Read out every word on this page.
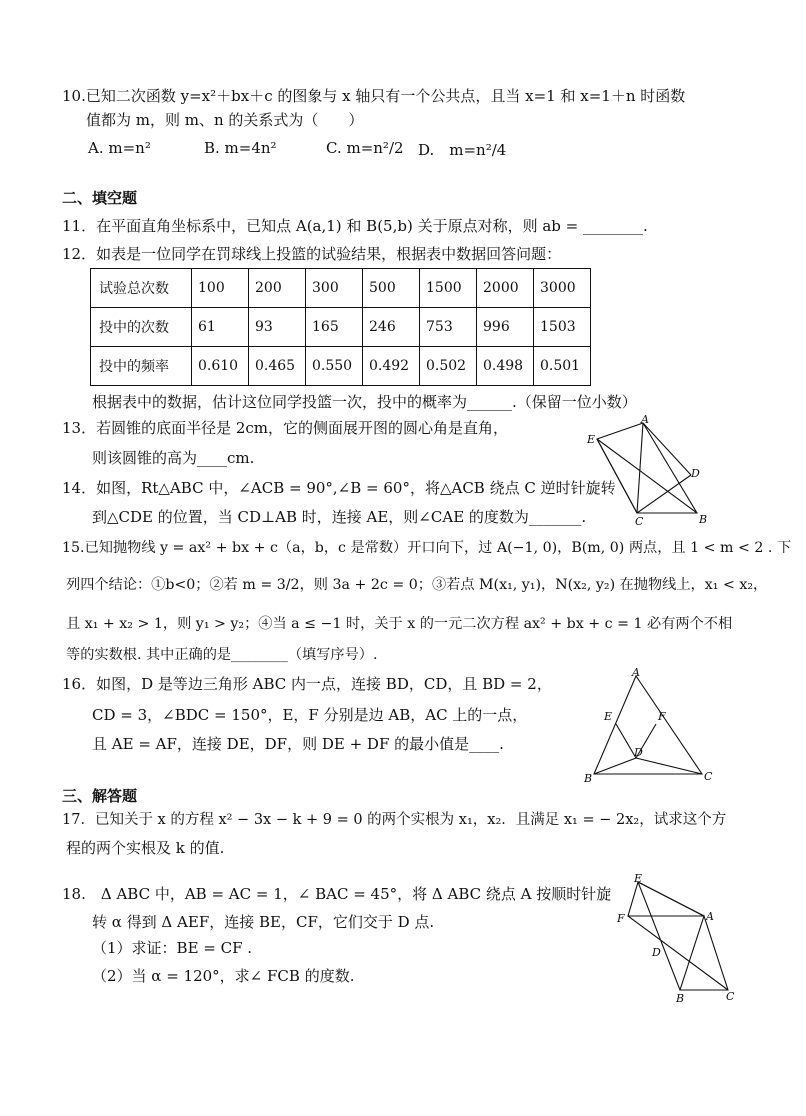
10.已知二次函数 y=x²＋bx＋c 的图象与 x 轴只有一个公共点，且当 x=1 和 x=1＋n 时函数
值都为 m，则 m、n 的关系式为（　　）
A. m=n²	B. m=4n²	C. m=n²/2 D.　m=n²/4
二、填空题
11．在平面直角坐标系中，已知点 A(a,1) 和 B(5,b) 关于原点对称，则 ab = ________.
12．如表是一位同学在罚球线上投篮的试验结果，根据表中数据回答问题：
试验总次数	100	200	300	500	1500	2000	3000
投中的次数	61	93	165	246	753	996	1503
投中的频率	0.610	0.465	0.550	0.492	0.502	0.498	0.501
根据表中的数据，估计这位同学投篮一次，投中的概率为______.（保留一位小数）
13．若圆锥的底面半径是 2cm，它的侧面展开图的圆心角是直角，
则该圆锥的高为____cm.
E
A
D
C	B
14．如图，Rt△ABC 中，∠ACB = 90°,∠B = 60°，将△ACB 绕点 C 逆时针旋转
到△CDE 的位置，当 CD⊥AB 时，连接 AE，则∠CAE 的度数为_______.
15.已知抛物线 y = ax² + bx + c（a，b，c 是常数）开口向下，过 A(−1, 0)，B(m, 0) 两点，且 1 < m < 2 . 下
列四个结论：①b<0；②若 m = 3/2，则 3a + 2c = 0；③若点 M(x₁, y₁)，N(x₂, y₂) 在抛物线上，x₁ < x₂，
且 x₁ + x₂ > 1，则 y₁ > y₂；④当 a ≤ −1 时，关于 x 的一元二次方程 ax² + bx + c = 1 必有两个不相
等的实数根. 其中正确的是________（填写序号）.
A
E	F
D
B	C
16．如图，D 是等边三角形 ABC 内一点，连接 BD，CD，且 BD = 2，
CD = 3，∠BDC = 150°，E，F 分别是边 AB，AC 上的一点，
且 AE = AF，连接 DE，DF，则 DE + DF 的最小值是____.
三、解答题
17．已知关于 x 的方程 x² − 3x − k + 9 = 0 的两个实根为 x₁，x₂．且满足 x₁ = − 2x₂，试求这个方
程的两个实根及 k 的值.
18.　Δ ABC 中，AB = AC = 1，∠ BAC = 45°，将 Δ ABC 绕点 A 按顺时针旋
转 α 得到 Δ AEF，连接 BE，CF，它们交于 D 点.
（1）求证：BE = CF .
（2）当 α = 120°，求∠ FCB 的度数.
E
F	A
D
B	C
